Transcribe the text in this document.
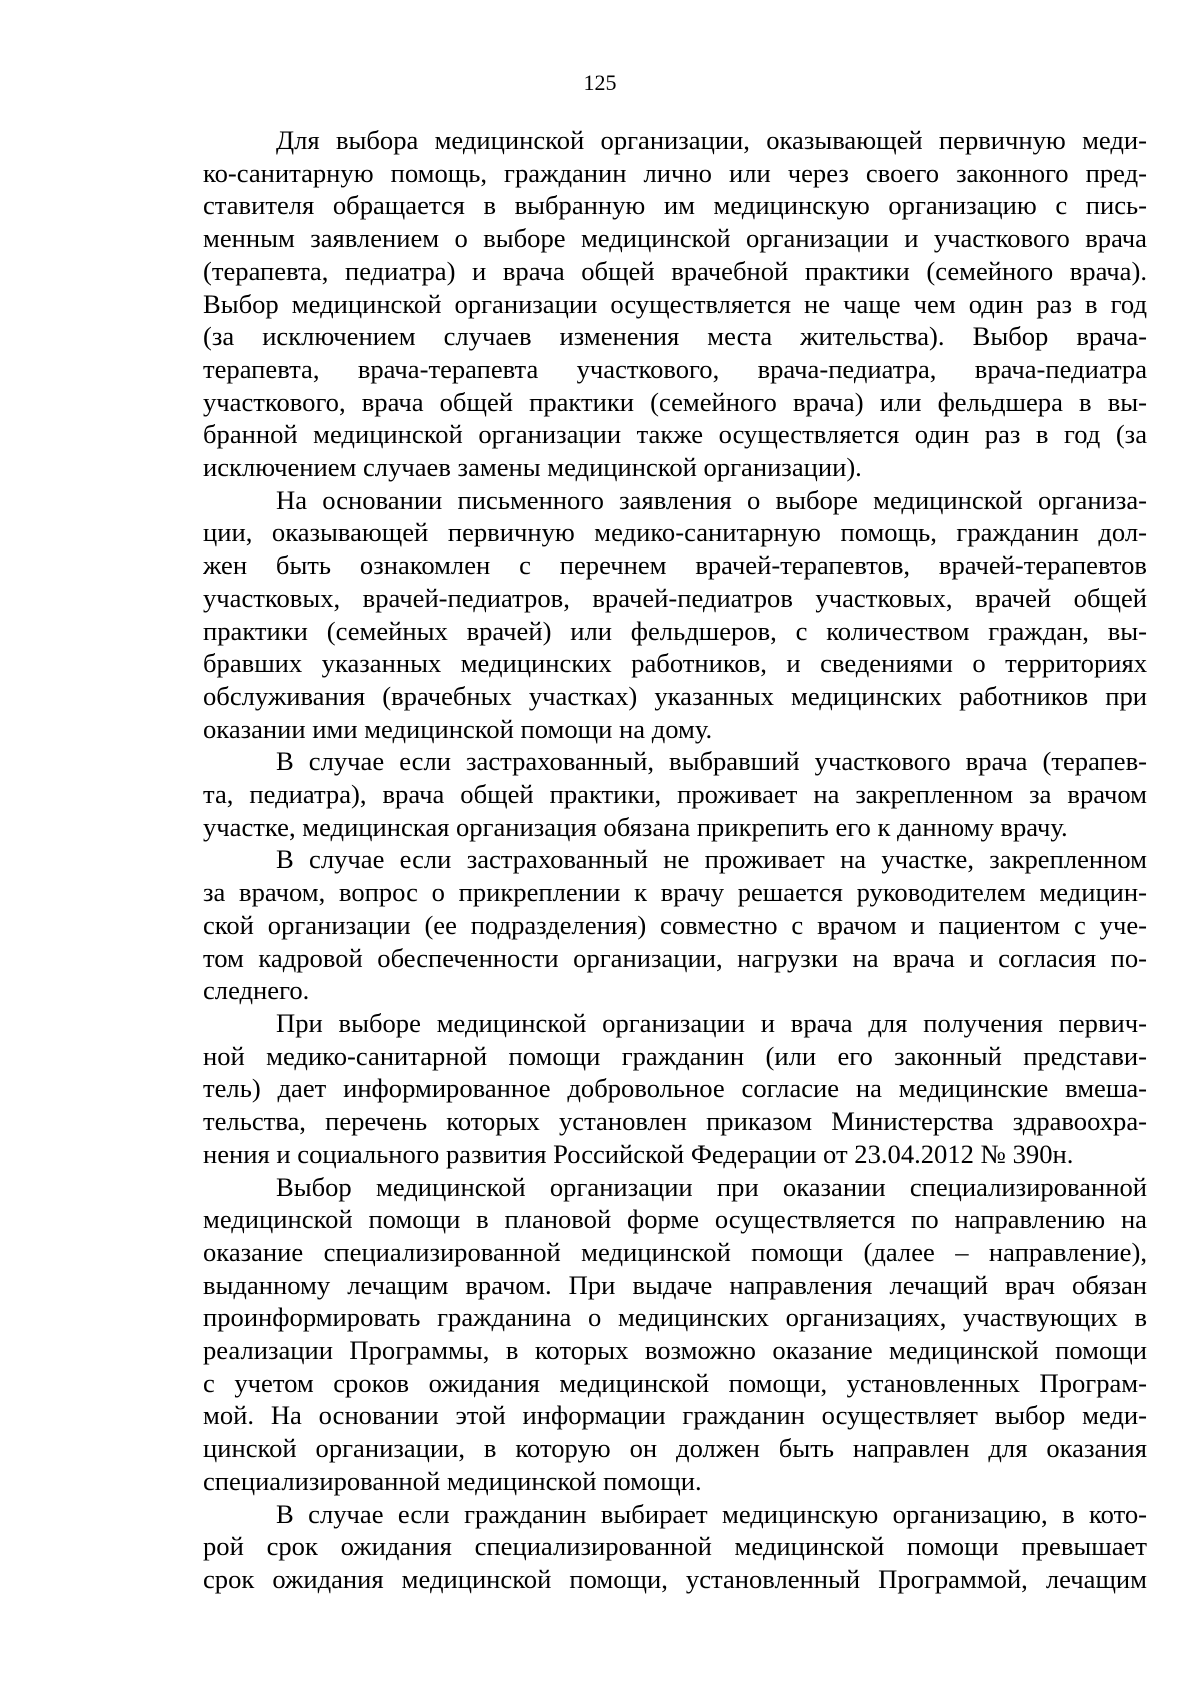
125

Для выбора медицинской организации, оказывающей первичную меди-
ко-санитарную помощь, гражданин лично или через своего законного пред-
ставителя обращается в выбранную им медицинскую организацию с пись-
менным заявлением о выборе медицинской организации и участкового врача
(терапевта, педиатра) и врача общей врачебной практики (семейного врача).
Выбор медицинской организации осуществляется не чаще чем один раз в год
(за исключением случаев изменения места жительства). Выбор врача-
терапевта, врача-терапевта участкового, врача-педиатра, врача-педиатра
участкового, врача общей практики (семейного врача) или фельдшера в вы-
бранной медицинской организации также осуществляется один раз в год (за
исключением случаев замены медицинской организации).

На основании письменного заявления о выборе медицинской организа-
ции, оказывающей первичную медико-санитарную помощь, гражданин дол-
жен быть ознакомлен с перечнем врачей-терапевтов, врачей-терапевтов
участковых, врачей-педиатров, врачей-педиатров участковых, врачей общей
практики (семейных врачей) или фельдшеров, с количеством граждан, вы-
бравших указанных медицинских работников, и сведениями о территориях
обслуживания (врачебных участках) указанных медицинских работников при
оказании ими медицинской помощи на дому.

В случае если застрахованный, выбравший участкового врача (терапев-
та, педиатра), врача общей практики, проживает на закрепленном за врачом
участке, медицинская организация обязана прикрепить его к данному врачу.

В случае если застрахованный не проживает на участке, закрепленном
за врачом, вопрос о прикреплении к врачу решается руководителем медицин-
ской организации (ее подразделения) совместно с врачом и пациентом с уче-
том кадровой обеспеченности организации, нагрузки на врача и согласия по-
следнего.

При выборе медицинской организации и врача для получения первич-
ной медико-санитарной помощи гражданин (или его законный представи-
тель) дает информированное добровольное согласие на медицинские вмеша-
тельства, перечень которых установлен приказом Министерства здравоохра-
нения и социального развития Российской Федерации от 23.04.2012 № 390н.

Выбор медицинской организации при оказании специализированной
медицинской помощи в плановой форме осуществляется по направлению на
оказание специализированной медицинской помощи (далее – направление),
выданному лечащим врачом. При выдаче направления лечащий врач обязан
проинформировать гражданина о медицинских организациях, участвующих в
реализации Программы, в которых возможно оказание медицинской помощи
с учетом сроков ожидания медицинской помощи, установленных Програм-
мой. На основании этой информации гражданин осуществляет выбор меди-
цинской организации, в которую он должен быть направлен для оказания
специализированной медицинской помощи.

В случае если гражданин выбирает медицинскую организацию, в кото-
рой срок ожидания специализированной медицинской помощи превышает
срок ожидания медицинской помощи, установленный Программой, лечащим
